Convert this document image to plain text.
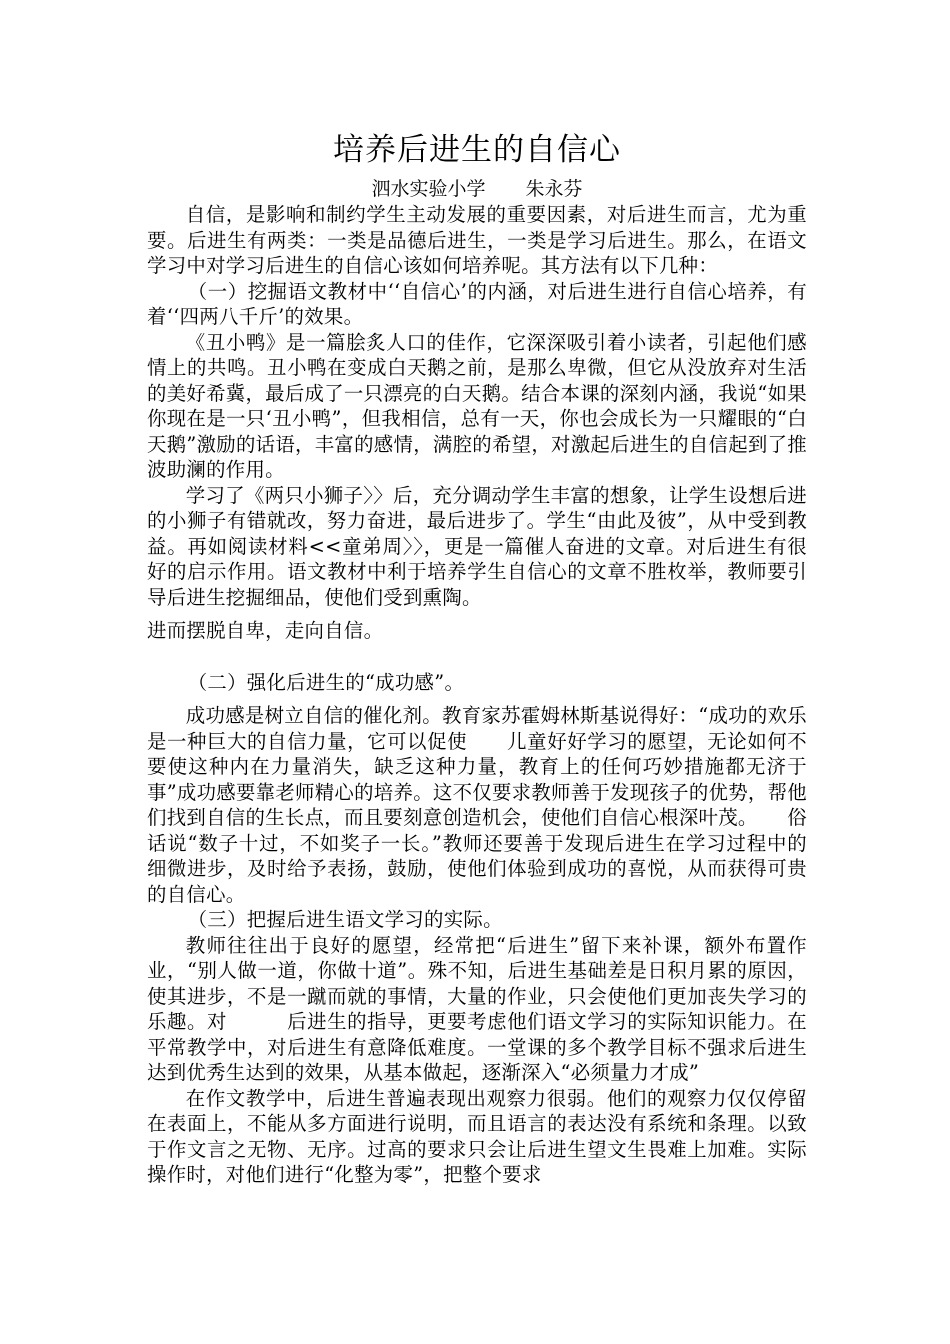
培养后进生的自信心
泗水实验小学 朱永芬

自信，是影响和制约学生主动发展的重要因素，对后进生而言，尤为重要。后进生有两类：一类是品德后进生，一类是学习后进生。那么，在语文学习中对学习后进生的自信心该如何培养呢。其方法有以下几种：

（一）挖掘语文教材中‘‘自信心’的内涵，对后进生进行自信心培养，有着‘‘四两八千斤’的效果。

《丑小鸭》是一篇脍炙人口的佳作，它深深吸引着小读者，引起他们感情上的共鸣。丑小鸭在变成白天鹅之前，是那么卑微，但它从没放弃对生活的美好希冀，最后成了一只漂亮的白天鹅。结合本课的深刻内涵，我说“如果你现在是一只‘丑小鸭”，但我相信，总有一天，你也会成长为一只耀眼的“白天鹅”激励的话语，丰富的感情，满腔的希望，对激起后进生的自信起到了推波助澜的作用。

学习了《两只小狮子〉〉后，充分调动学生丰富的想象，让学生设想后进的小狮子有错就改，努力奋进，最后进步了。学生“由此及彼”，从中受到教益。再如阅读材料<<童弟周〉〉，更是一篇催人奋进的文章。对后进生有很好的启示作用。语文教材中利于培养学生自信心的文章不胜枚举，教师要引导后进生挖掘细品，使他们受到熏陶。

进而摆脱自卑，走向自信。

（二）强化后进生的“成功感”。

成功感是树立自信的催化剂。教育家苏霍姆林斯基说得好：“成功的欢乐是一种巨大的自信力量，它可以促使　　儿童好好学习的愿望，无论如何不要使这种内在力量消失，缺乏这种力量，教育上的任何巧妙措施都无济于事”成功感要靠老师精心的培养。这不仅要求教师善于发现孩子的优势，帮他们找到自信的生长点，而且要刻意创造机会，使他们自信心根深叶茂。　　俗话说“数子十过，不如奖子一长。”教师还要善于发现后进生在学习过程中的细微进步，及时给予表扬，鼓励，使他们体验到成功的喜悦，从而获得可贵的自信心。

（三）把握后进生语文学习的实际。

教师往往出于良好的愿望，经常把“后进生”留下来补课，额外布置作业，“别人做一道，你做十道”。殊不知，后进生基础差是日积月累的原因，使其进步，不是一蹴而就的事情，大量的作业，只会使他们更加丧失学习的乐趣。对　　　后进生的指导，更要考虑他们语文学习的实际知识能力。在平常教学中，对后进生有意降低难度。一堂课的多个教学目标不强求后进生达到优秀生达到的效果，从基本做起，逐渐深入“必须量力才成”

在作文教学中，后进生普遍表现出观察力很弱。他们的观察力仅仅停留在表面上，不能从多方面进行说明，而且语言的表达没有系统和条理。以致于作文言之无物、无序。过高的要求只会让后进生望文生畏难上加难。实际操作时，对他们进行“化整为零”，把整个要求
